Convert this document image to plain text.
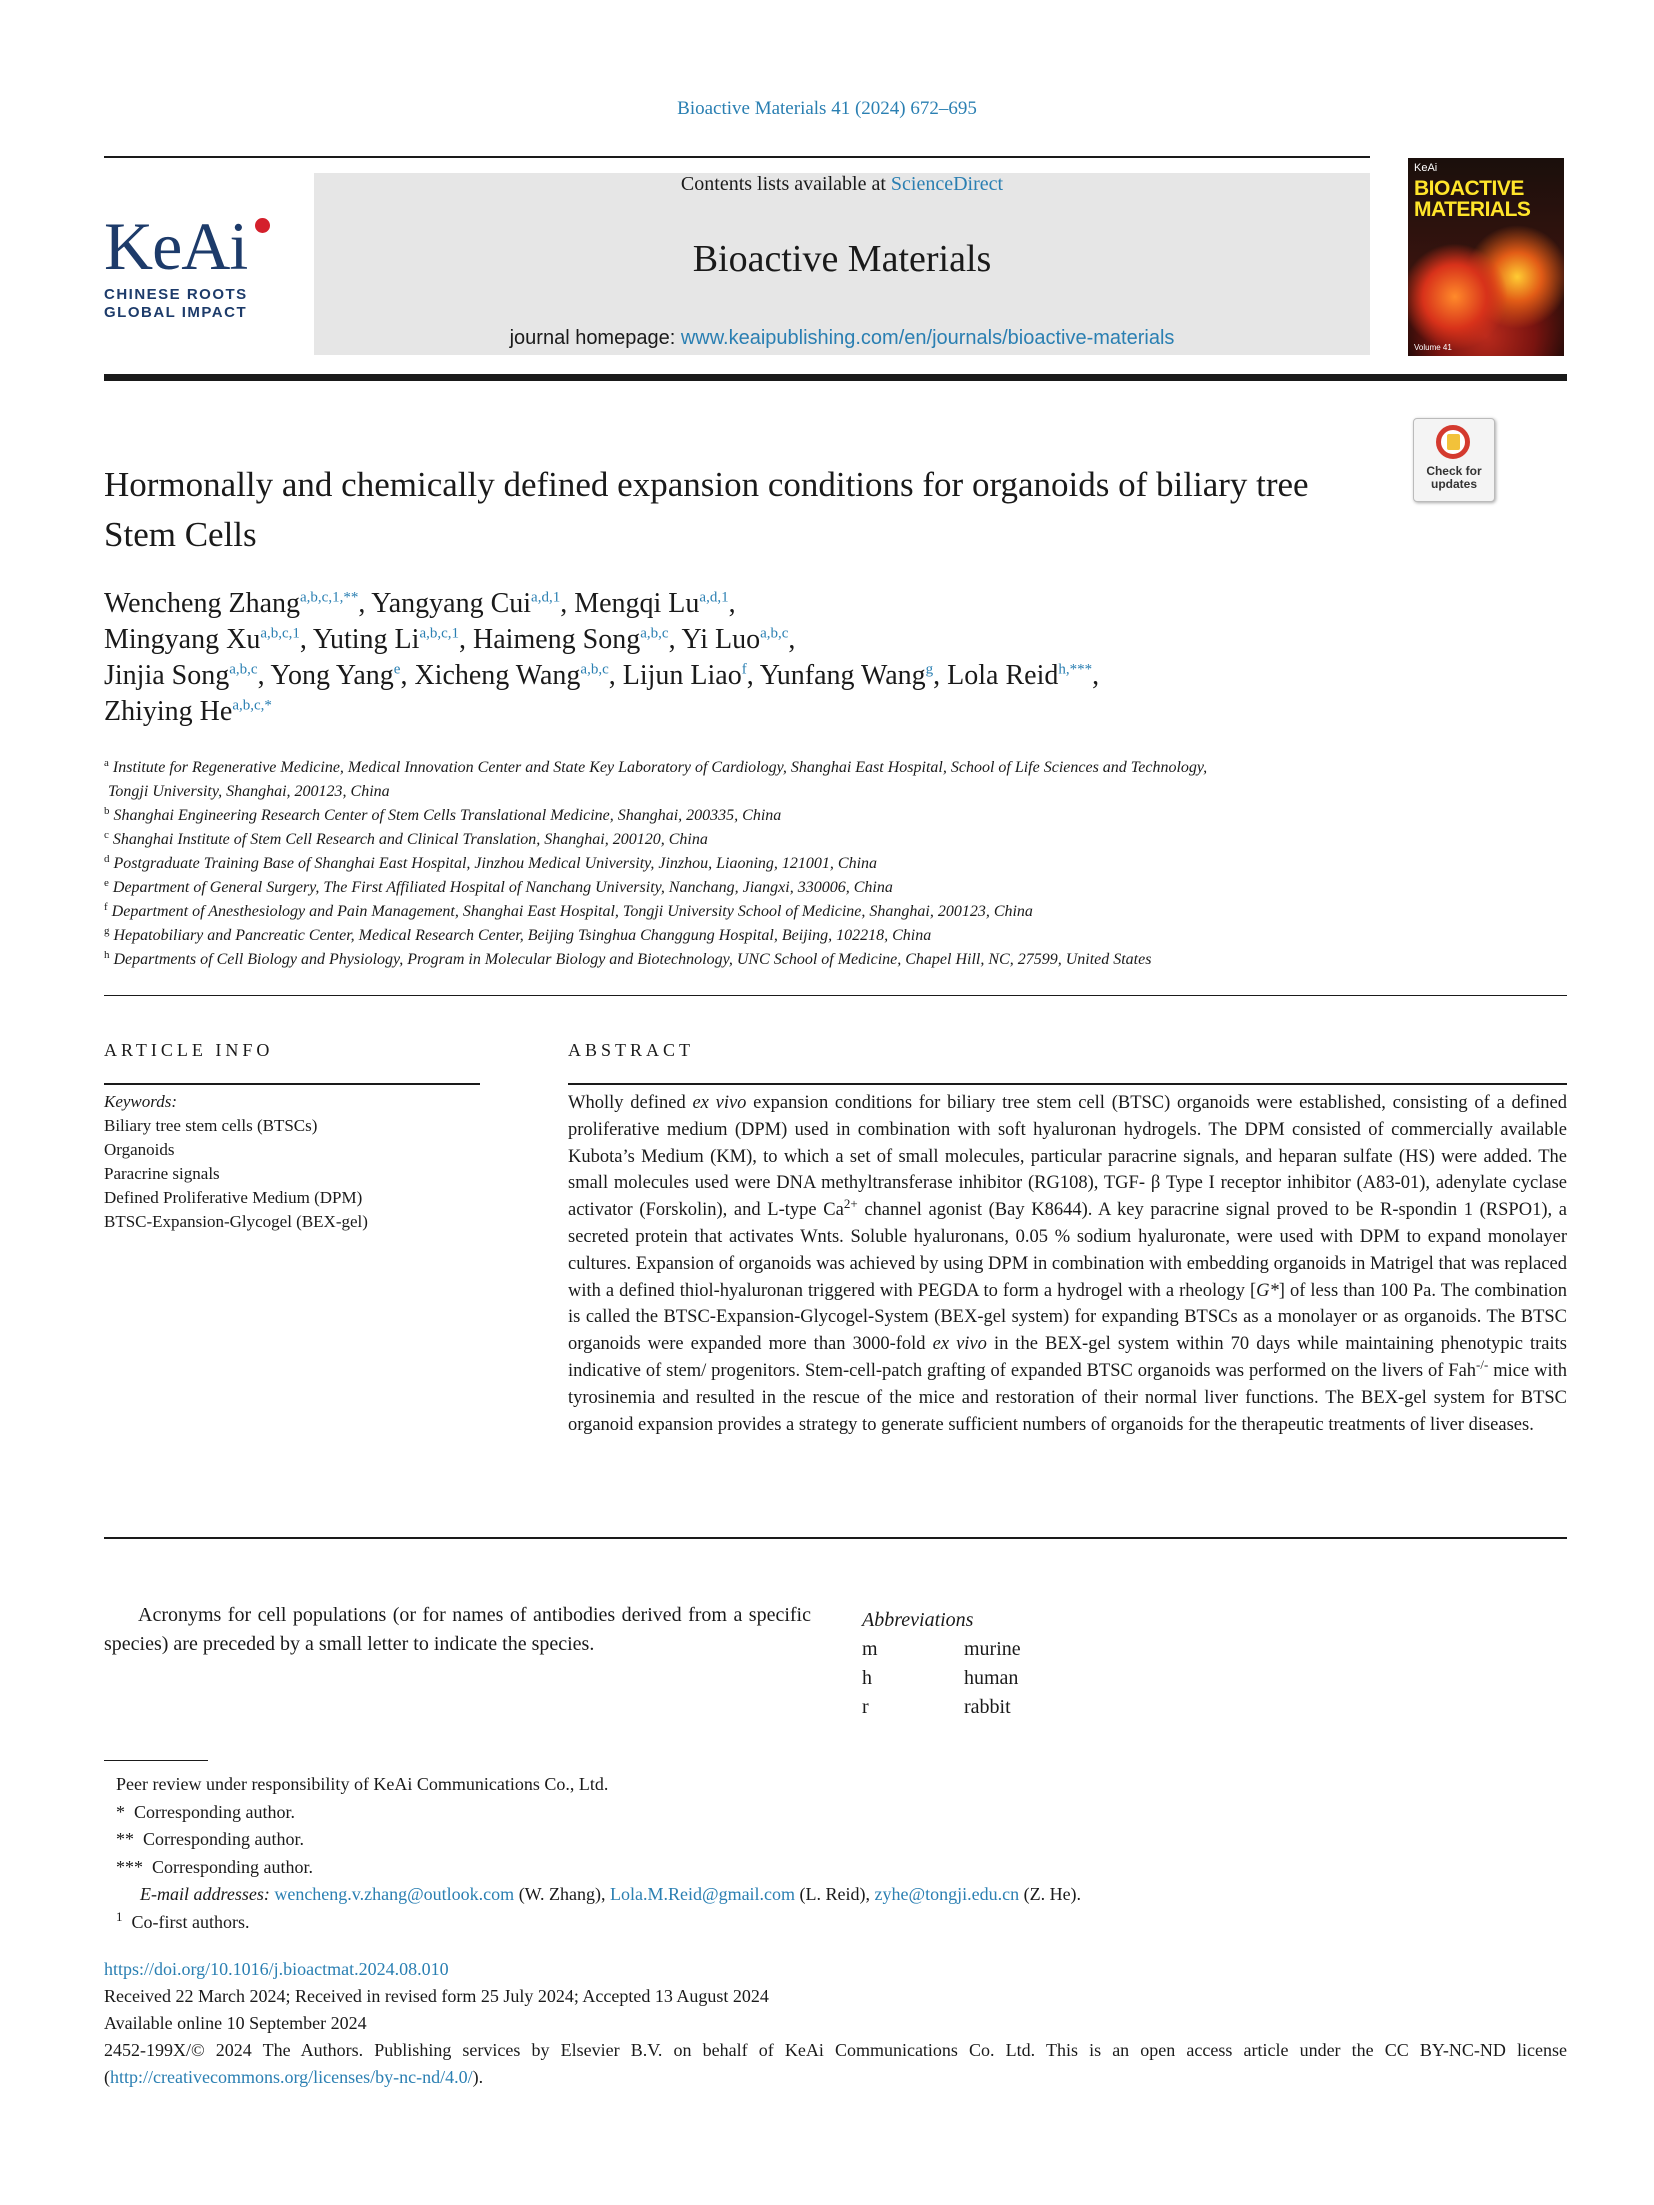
Bioactive Materials 41 (2024) 672–695
KeAi
CHINESE ROOTS
GLOBAL IMPACT
Contents lists available at ScienceDirect
Bioactive Materials
journal homepage: www.keaipublishing.com/en/journals/bioactive-materials
KeAi
BIOACTIVE
MATERIALS
Volume 41
Check for
updates
Hormonally and chemically defined expansion conditions for organoids of biliary tree Stem Cells
Wencheng Zhang$^{a,b,c,1,**}$, Yangyang Cui$^{a,d,1}$, Mengqi Lu$^{a,d,1}$,
Mingyang Xu$^{a,b,c,1}$, Yuting Li$^{a,b,c,1}$, Haimeng Song$^{a,b,c}$, Yi Luo$^{a,b,c}$,
Jinjia Song$^{a,b,c}$, Yong Yang$^e$, Xicheng Wang$^{a,b,c}$, Lijun Liao$^f$, Yunfang Wang$^g$, Lola Reid$^{h,***}$,
Zhiying $He^{a,b,c,*}$
$^a$ Institute for Regenerative Medicine, Medical Innovation Center and State Key Laboratory of Cardiology, Shanghai East Hospital, School of Life Sciences and Technology,
Tongji University, Shanghai, 200123, China
$^b$ Shanghai Engineering Research Center of Stem Cells Translational Medicine, Shanghai, 200335, China
$^c$ Shanghai Institute of Stem Cell Research and Clinical Translation, Shanghai, 200120, China
$^d$ Postgraduate Training Base of Shanghai East Hospital, Jinzhou Medical University, Jinzhou, Liaoning, 121001, China
$^e$ Department of General Surgery, The First Affiliated Hospital of Nanchang University, Nanchang, Jiangxi, 330006, China
$^f$ Department of Anesthesiology and Pain Management, Shanghai East Hospital, Tongji University School of Medicine, Shanghai, 200123, China
$^g$ Hepatobiliary and Pancreatic Center, Medical Research Center, Beijing Tsinghua Changgung Hospital, Beijing, 102218, China
$^h$ Departments of Cell Biology and Physiology, Program in Molecular Biology and Biotechnology, UNC School of Medicine, Chapel Hill, NC, 27599, United States
ARTICLE INFO	ABSTRACT
Keywords:
Biliary tree stem cells (BTSCs)
Organoids
Paracrine signals
Defined Proliferative Medium (DPM)
BTSC-Expansion-Glycogel (BEX-gel)
Wholly defined ex vivo expansion conditions for biliary tree stem cell (BTSC) organoids were established, consisting of a defined proliferative medium (DPM) used in combination with soft hyaluronan hydrogels. The DPM consisted of commercially available Kubota’s Medium (KM), to which a set of small molecules, particular paracrine signals, and heparan sulfate (HS) were added. The small molecules used were DNA methyltransferase inhibitor (RG108), TGF- β Type I receptor inhibitor (A83-01), adenylate cyclase activator (Forskolin), and L-type $Ca^{2+}$ channel agonist (Bay K8644). A key paracrine signal proved to be R-spondin 1 (RSPO1), a secreted protein that activates Wnts. Soluble hyaluronans, 0.05 % sodium hyaluronate, were used with DPM to expand monolayer cultures. Expansion of organoids was achieved by using DPM in combination with embedding organoids in Matrigel that was replaced with a defined thiol-hyaluronan triggered with PEGDA to form a hydrogel with a rheology [G*] of less than 100 Pa. The combination is called the BTSC-Expansion-Glycogel-System (BEX-gel system) for expanding BTSCs as a monolayer or as organoids. The BTSC organoids were expanded more than 3000-fold ex vivo in the BEX-gel system within 70 days while maintaining phenotypic traits indicative of stem/ progenitors. Stem-cell-patch grafting of expanded BTSC organoids was performed on the livers of Fah-/- mice with tyrosinemia and resulted in the rescue of the mice and restoration of their normal liver functions. The BEX-gel system for BTSC organoid expansion provides a strategy to generate sufficient numbers of organoids for the therapeutic treatments of liver diseases.
Acronyms for cell populations (or for names of antibodies derived from a specific species) are preceded by a small letter to indicate the species.
Abbreviations
m	murine
h	human
r	rabbit
Peer review under responsibility of KeAi Communications Co., Ltd.
* Corresponding author.
** Corresponding author.
*** Corresponding author.
E-mail addresses: wencheng.v.zhang@outlook.com (W. Zhang), Lola.M.Reid@gmail.com (L. Reid), zyhe@tongji.edu.cn (Z. He).
$^1$ Co-first authors.
https://doi.org/10.1016/j.bioactmat.2024.08.010
Received 22 March 2024; Received in revised form 25 July 2024; Accepted 13 August 2024
Available online 10 September 2024
2452-199X/© 2024 The Authors. Publishing services by Elsevier B.V. on behalf of KeAi Communications Co. Ltd. This is an open access article under the CC BY-NC-ND license (http://creativecommons.org/licenses/by-nc-nd/4.0/).
